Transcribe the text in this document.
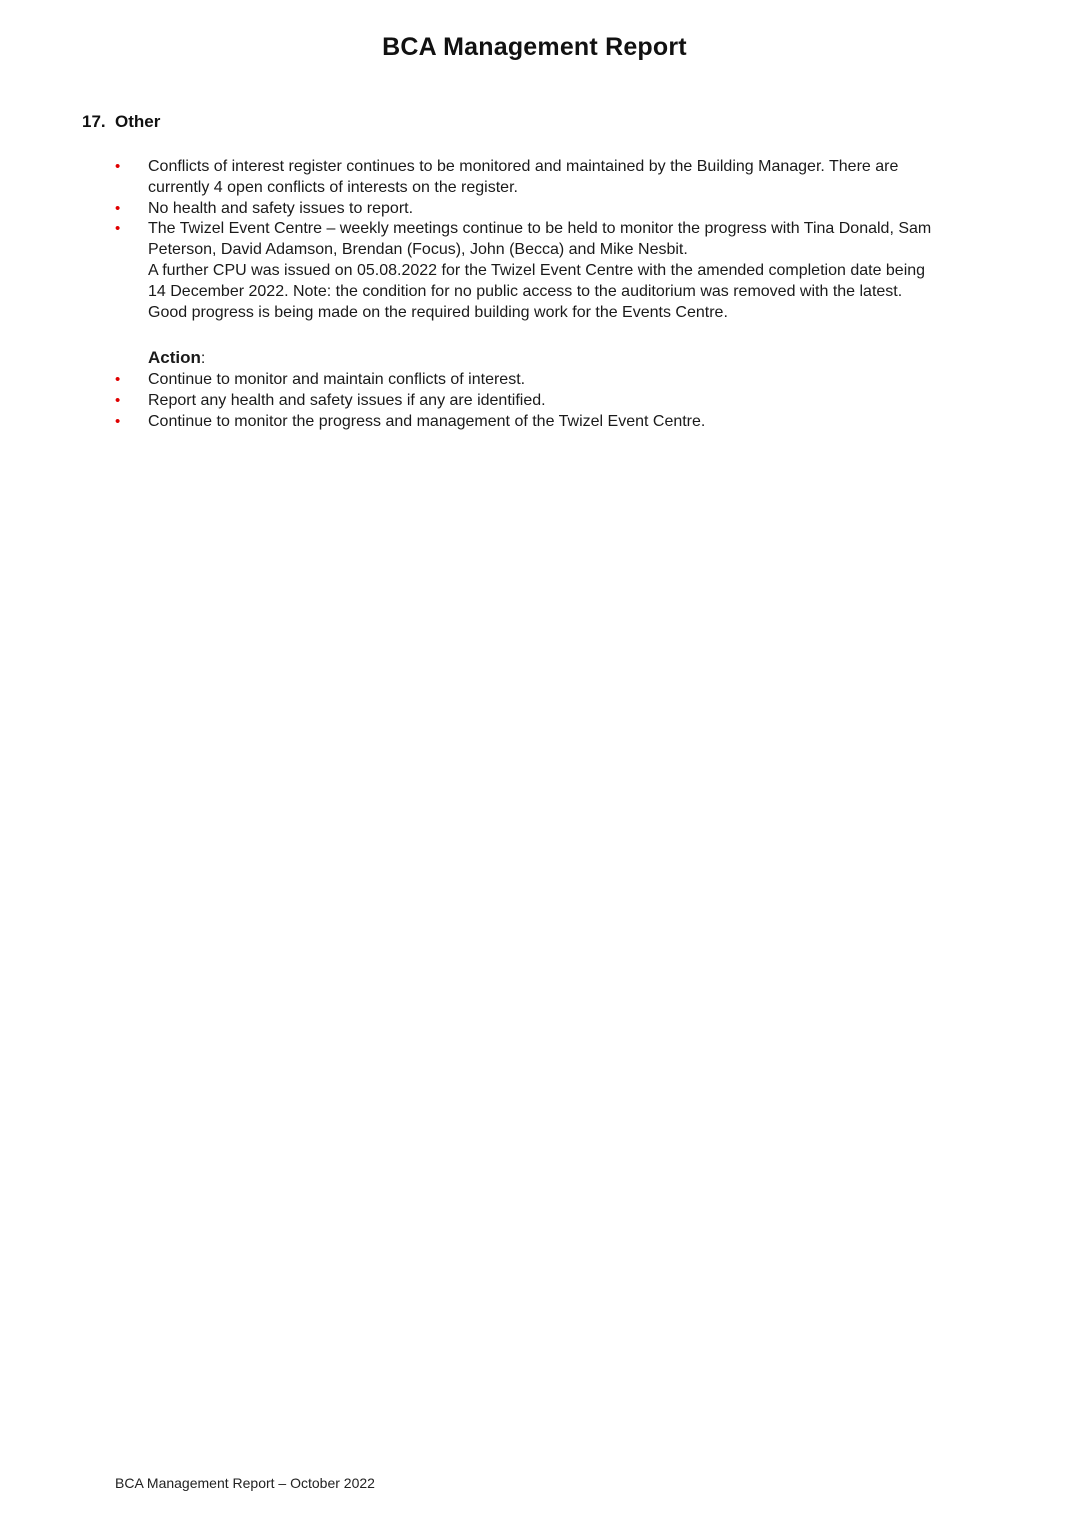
BCA Management Report
17. Other
• Conflicts of interest register continues to be monitored and maintained by the Building Manager. There are currently 4 open conflicts of interests on the register.

• No health and safety issues to report.

• The Twizel Event Centre – weekly meetings continue to be held to monitor the progress with Tina Donald, Sam Peterson, David Adamson, Brendan (Focus), John (Becca) and Mike Nesbit.

A further CPU was issued on 05.08.2022 for the Twizel Event Centre with the amended completion date being 14 December 2022. Note: the condition for no public access to the auditorium was removed with the latest.

Good progress is being made on the required building work for the Events Centre.

Action:
• Continue to monitor and maintain conflicts of interest.

• Report any health and safety issues if any are identified.

• Continue to monitor the progress and management of the Twizel Event Centre.

BCA Management Report – October 2022
